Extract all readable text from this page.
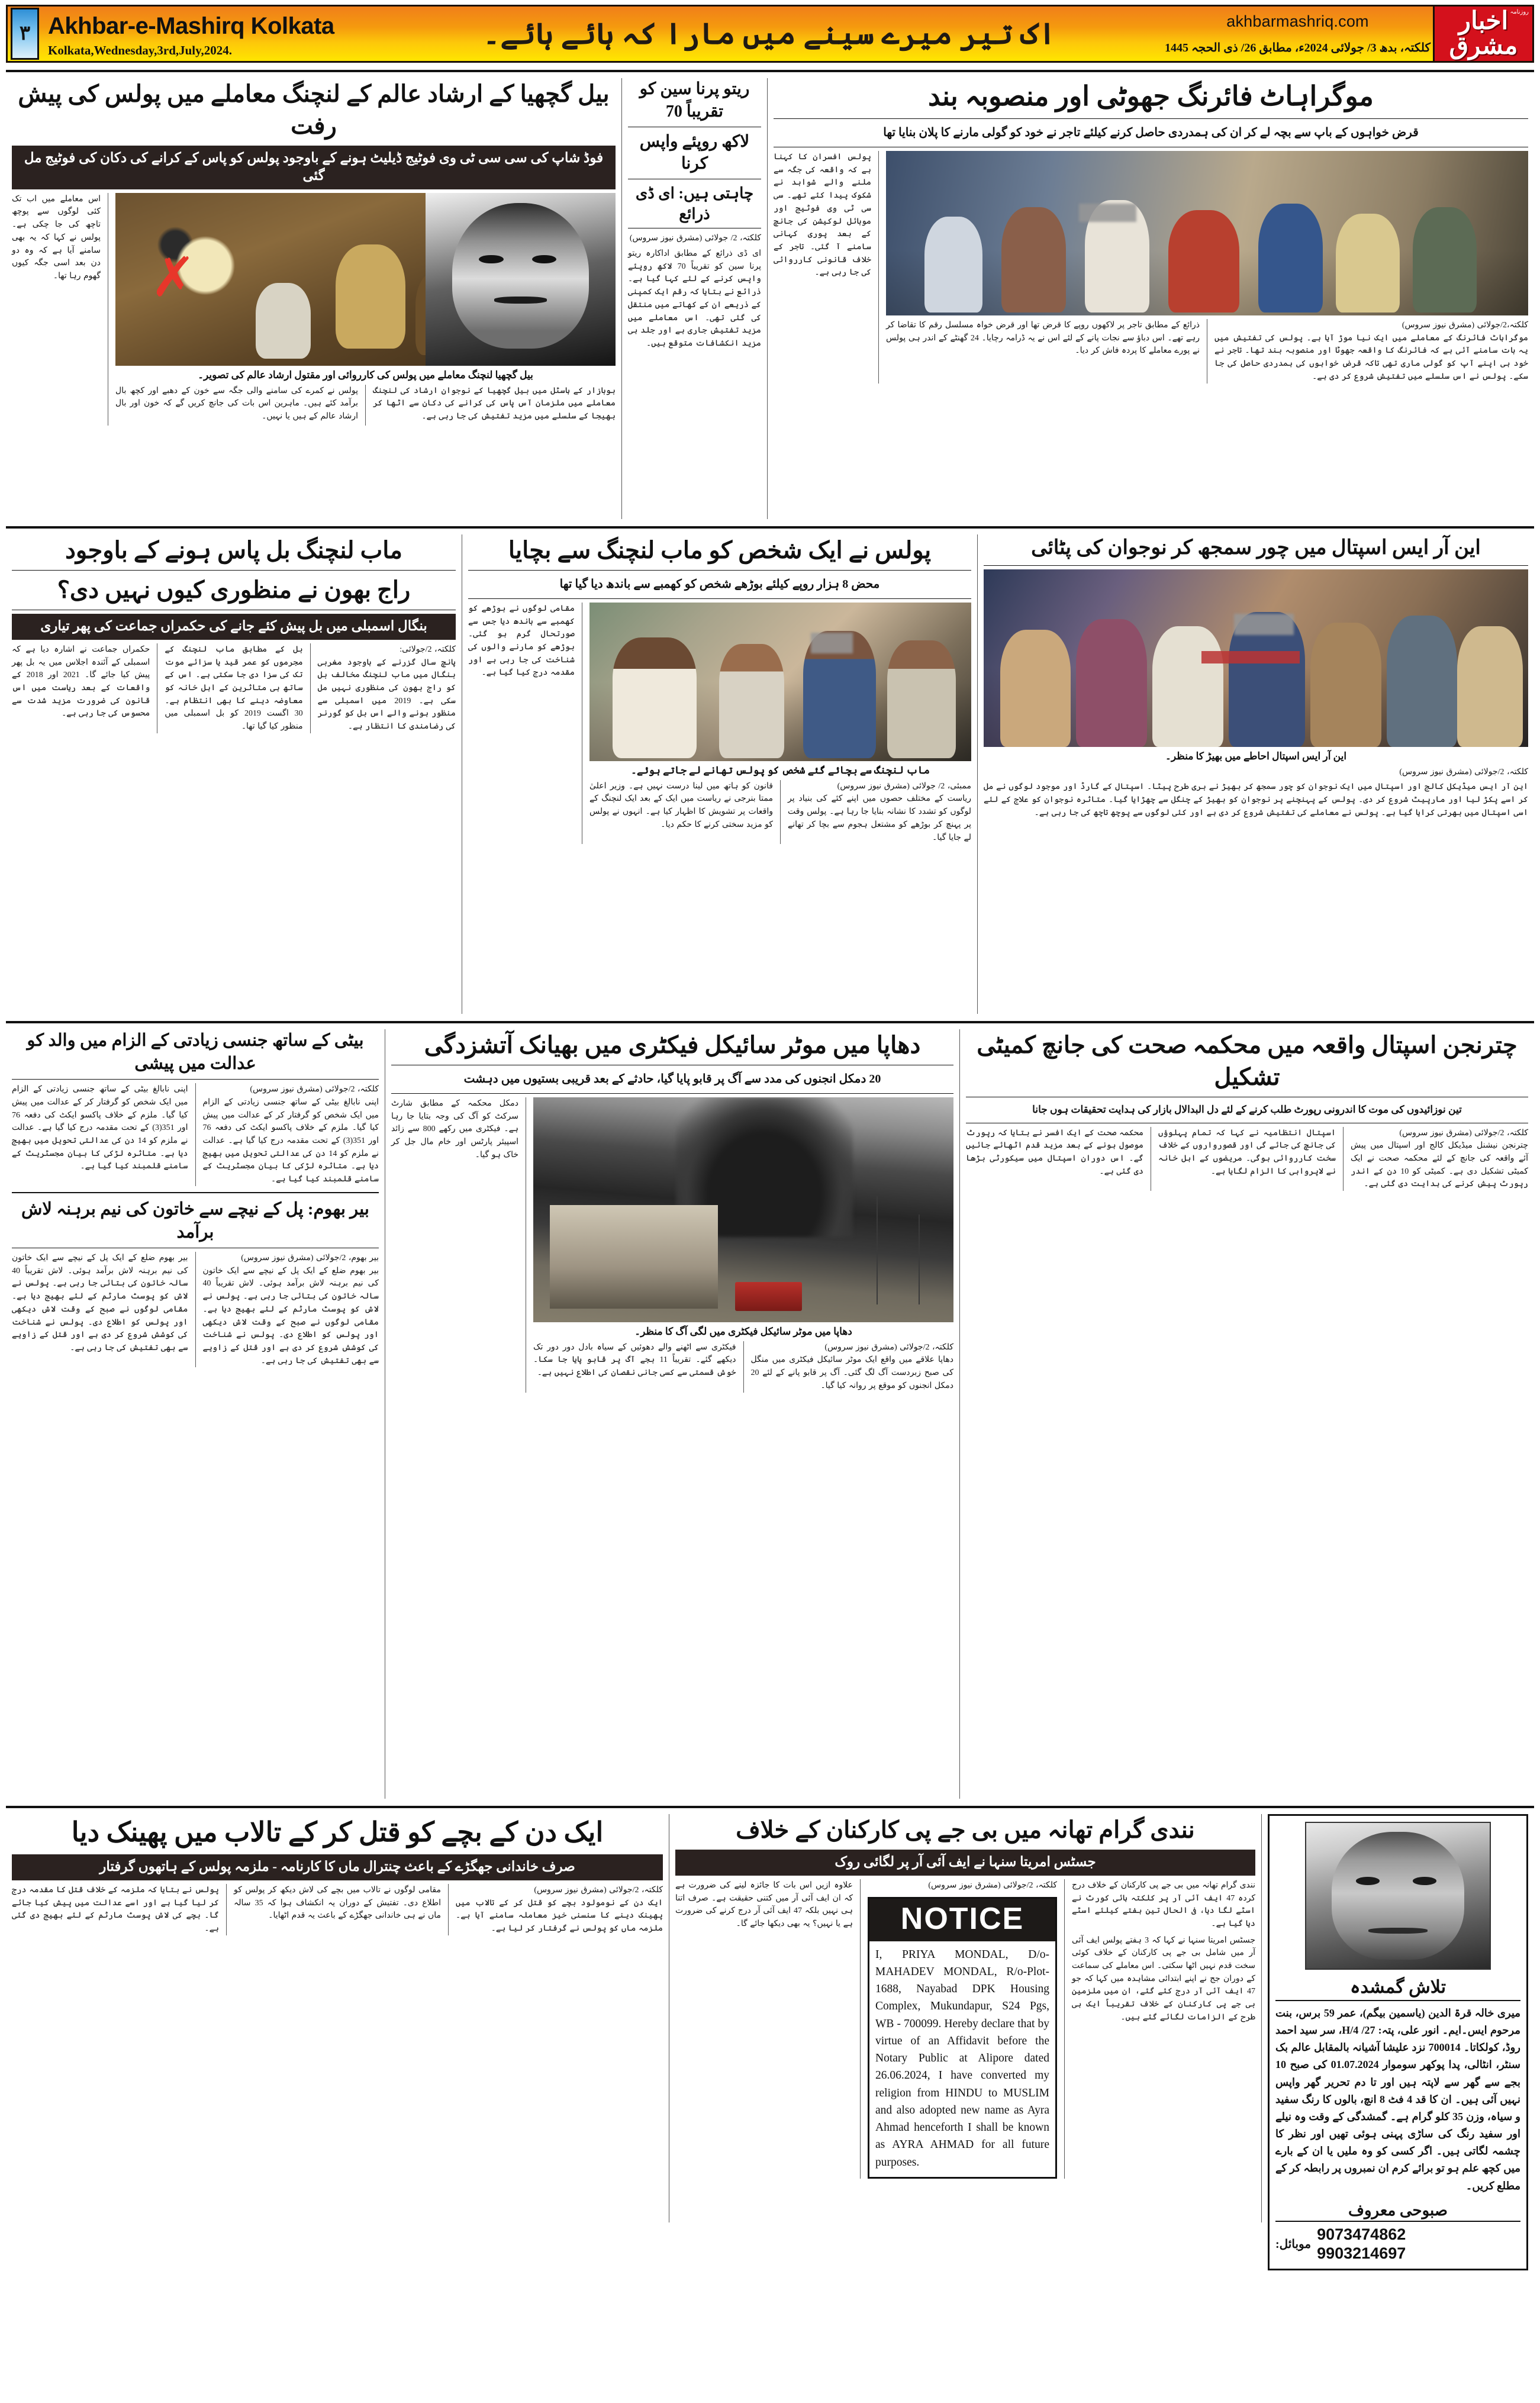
۳ Akhbar-e-Mashirq Kolkata
Kolkata,Wednesday,3rd,July,2024.	اک تیر میرے سینے میں مارا کہ ہائے ہائے۔	akhbarmashriq.com
کلکتہ، بدھ 3/ جولائی 2024ء، مطابق 26/ ذی الحجہ 1445
روزنامہ
اخبار مشرق
بیل گچھیا کے ارشاد عالم کے لنچنگ معاملے میں پولس کی پیش رفت
فوڈ شاپ کی سی سی ٹی وی فوٹیج ڈیلیٹ ہونے کے باوجود پولس کو پاس کے کرانے کی دکان کی فوٹیج مل گئی
اس معاملے میں اب تک کئی لوگوں سے پوچھ تاچھ کی جا چکی ہے۔ پولس نے کہا کہ یہ بھی سامنے آیا ہے کہ وہ دو دن بعد اسی جگہ کیوں گھوم رہا تھا۔ ✗
بیل گچھیا لنچنگ معاملے میں پولس کی کارروائی اور مقتول ارشاد عالم کی تصویر۔
پولس نے کمرے کی سامنے والی جگہ سے خون کے دھبے اور کچھ بال برآمد کئے ہیں۔ ماہرین اس بات کی جانچ کریں گے کہ خون اور بال ارشاد عالم کے ہیں یا نہیں۔
بوبازار کے ہاسٹل میں بیل گچھیا کے نوجوان ارشاد کی لنچنگ معاملے میں ملزمان آس پاس کی کرانے کی دکان سے اٹھا کر بھیجا کے سلسلے میں مزید تفتیش کی جا رہی ہے۔
ریتو پرنا سین کو تقریباً 70
لاکھ روپئے واپس کرنا
چاہتی ہیں: ای ڈی ذرائع
کلکتہ، 2/ جولائی (مشرق نیوز سروس)
ای ڈی ذرائع کے مطابق اداکارہ ریتو پرنا سین کو تقریباً 70 لاکھ روپئے واپس کرنے کے لئے کہا گیا ہے۔ ذرائع نے بتایا کہ رقم ایک کمپنی کے ذریعے ان کے کھاتے میں منتقل کی گئی تھی۔ اس معاملے میں مزید تفتیش جاری ہے اور جلد ہی مزید انکشافات متوقع ہیں۔
موگراہاٹ فائرنگ جھوٹی اور منصوبہ بند
قرض خواہوں کے باپ سے بچہ لے کر ان کی ہمدردی حاصل کرنے کیلئے تاجر نے خود کو گولی مارنے کا پلان بنایا تھا
پولس افسران کا کہنا ہے کہ واقعہ کی جگہ سے ملنے والے شواہد نے شکوک پیدا کئے تھے۔ سی سی ٹی وی فوٹیج اور موبائل لوکیشن کی جانچ کے بعد پوری کہانی سامنے آ گئی۔ تاجر کے خلاف قانونی کارروائی کی جا رہی ہے۔
ذرائع کے مطابق تاجر پر لاکھوں روپے کا قرض تھا اور قرض خواہ مسلسل رقم کا تقاضا کر رہے تھے۔ اس دباؤ سے نجات پانے کے لئے اس نے یہ ڈرامہ رچایا۔ 24 گھنٹے کے اندر ہی پولس نے پورے معاملے کا پردہ فاش کر دیا۔
کلکتہ،2/جولائی (مشرق نیوز سروس)
موگراہاٹ فائرنگ کے معاملے میں ایک نیا موڑ آیا ہے۔ پولس کی تفتیش میں یہ بات سامنے آئی ہے کہ فائرنگ کا واقعہ جھوٹا اور منصوبہ بند تھا۔ تاجر نے خود ہی اپنے آپ کو گولی ماری تھی تاکہ قرض خواہوں کی ہمدردی حاصل کی جا سکے۔ پولس نے اس سلسلے میں تفتیش شروع کر دی ہے۔
ماب لنچنگ بل پاس ہونے کے باوجود
راج بھون نے منظوری کیوں نہیں دی؟
بنگال اسمبلی میں بل پیش کئے جانے کی حکمراں جماعت کی پھر تیاری
حکمراں جماعت نے اشارہ دیا ہے کہ اسمبلی کے آئندہ اجلاس میں یہ بل پھر پیش کیا جائے گا۔ 2021 اور 2018 کے واقعات کے بعد ریاست میں اس قانون کی ضرورت مزید شدت سے محسوس کی جا رہی ہے۔
بل کے مطابق ماب لنچنگ کے مجرموں کو عمر قید یا سزائے موت تک کی سزا دی جا سکتی ہے۔ اس کے ساتھ ہی متاثرین کے اہل خانہ کو معاوضہ دینے کا بھی انتظام ہے۔ 30 اگست 2019 کو بل اسمبلی میں منظور کیا گیا تھا۔
کلکتہ، 2/جولائی:
پانچ سال گزرنے کے باوجود مغربی بنگال میں ماب لنچنگ مخالف بل کو راج بھون کی منظوری نہیں مل سکی ہے۔ 2019 میں اسمبلی سے منظور ہونے والے اس بل کو گورنر کی رضامندی کا انتظار ہے۔
پولس نے ایک شخص کو ماب لنچنگ سے بچایا
محض 8 ہزار روپے کیلئے بوڑھے شخص کو کھمبے سے باندھ دیا گیا تھا
مقامی لوگوں نے بوڑھے کو کھمبے سے باندھ دیا جس سے صورتحال گرم ہو گئی۔ بوڑھے کو مارنے والوں کی شناخت کی جا رہی ہے اور مقدمہ درج کیا گیا ہے۔
ماب لنچنگ سے بچائے گئے شخص کو پولس تھانے لے جاتے ہوئے۔
قانون کو ہاتھ میں لینا درست نہیں ہے۔ وزیر اعلیٰ ممتا بنرجی نے ریاست میں ایک کے بعد ایک لنچنگ کے واقعات پر تشویش کا اظہار کیا ہے۔ انہوں نے پولس کو مزید سختی کرنے کا حکم دیا۔
ممبئی، 2/ جولائی (مشرق نیوز سروس)
ریاست کے مختلف حصوں میں اپنے کئے کی بنیاد پر لوگوں کو تشدد کا نشانہ بنایا جا رہا ہے۔ پولس وقت پر پہنچ کر بوڑھے کو مشتعل ہجوم سے بچا کر تھانے لے جایا گیا۔
این آر ایس اسپتال میں چور سمجھ کر نوجوان کی پٹائی
این آر ایس اسپتال احاطے میں بھیڑ کا منظر۔
کلکتہ، 2/جولائی (مشرق نیوز سروس)
این آر ایس میڈیکل کالج اور اسپتال میں ایک نوجوان کو چور سمجھ کر بھیڑ نے بری طرح پیٹا۔ اسپتال کے گارڈ اور موجود لوگوں نے مل کر اسے پکڑ لیا اور مارپیٹ شروع کر دی۔ پولس کے پہنچنے پر نوجوان کو بھیڑ کے چنگل سے چھڑایا گیا۔ متاثرہ نوجوان کو علاج کے لئے اسی اسپتال میں بھرتی کرایا گیا ہے۔ پولس نے معاملے کی تفتیش شروع کر دی ہے اور کئی لوگوں سے پوچھ تاچھ کی جا رہی ہے۔
بیٹی کے ساتھ جنسی زیادتی کے الزام میں والد کو عدالت میں پیشی
اپنی نابالغ بیٹی کے ساتھ جنسی زیادتی کے الزام میں ایک شخص کو گرفتار کر کے عدالت میں پیش کیا گیا۔ ملزم کے خلاف پاکسو ایکٹ کی دفعہ 76 اور 351(3) کے تحت مقدمہ درج کیا گیا ہے۔ عدالت نے ملزم کو 14 دن کی عدالتی تحویل میں بھیج دیا ہے۔ متاثرہ لڑکی کا بیان مجسٹریٹ کے سامنے قلمبند کیا گیا ہے۔
کلکتہ، 2/جولائی (مشرق نیوز سروس)
اپنی نابالغ بیٹی کے ساتھ جنسی زیادتی کے الزام میں ایک شخص کو گرفتار کر کے عدالت میں پیش کیا گیا۔ ملزم کے خلاف پاکسو ایکٹ کی دفعہ 76 اور 351(3) کے تحت مقدمہ درج کیا گیا ہے۔ عدالت نے ملزم کو 14 دن کی عدالتی تحویل میں بھیج دیا ہے۔ متاثرہ لڑکی کا بیان مجسٹریٹ کے سامنے قلمبند کیا گیا ہے۔
بیر بھوم: پل کے نیچے سے خاتون کی نیم برہنہ لاش برآمد
بیر بھوم ضلع کے ایک پل کے نیچے سے ایک خاتون کی نیم برہنہ لاش برآمد ہوئی۔ لاش تقریباً 40 سالہ خاتون کی بتائی جا رہی ہے۔ پولس نے لاش کو پوسٹ مارٹم کے لئے بھیج دیا ہے۔ مقامی لوگوں نے صبح کے وقت لاش دیکھی اور پولس کو اطلاع دی۔ پولس نے شناخت کی کوشش شروع کر دی ہے اور قتل کے زاویے سے بھی تفتیش کی جا رہی ہے۔
بیر بھوم، 2/جولائی (مشرق نیوز سروس)
بیر بھوم ضلع کے ایک پل کے نیچے سے ایک خاتون کی نیم برہنہ لاش برآمد ہوئی۔ لاش تقریباً 40 سالہ خاتون کی بتائی جا رہی ہے۔ پولس نے لاش کو پوسٹ مارٹم کے لئے بھیج دیا ہے۔ مقامی لوگوں نے صبح کے وقت لاش دیکھی اور پولس کو اطلاع دی۔ پولس نے شناخت کی کوشش شروع کر دی ہے اور قتل کے زاویے سے بھی تفتیش کی جا رہی ہے۔
دھاپا میں موٹر سائیکل فیکٹری میں بھیانک آتشزدگی
20 دمکل انجنوں کی مدد سے آگ پر قابو پایا گیا، حادثے کے بعد قریبی بستیوں میں دہشت
دمکل محکمہ کے مطابق شارٹ سرکٹ کو آگ کی وجہ بتایا جا رہا ہے۔ فیکٹری میں رکھے 800 سے زائد اسپیئر پارٹس اور خام مال جل کر خاک ہو گیا۔
دھاپا میں موٹر سائیکل فیکٹری میں لگی آگ کا منظر۔
فیکٹری سے اٹھنے والے دھوئیں کے سیاہ بادل دور دور تک دیکھے گئے۔ تقریباً 11 بجے آگ پر قابو پایا جا سکا۔ خوش قسمتی سے کسی جانی نقصان کی اطلاع نہیں ہے۔
کلکتہ، 2/جولائی (مشرق نیوز سروس)
دھاپا علاقے میں واقع ایک موٹر سائیکل فیکٹری میں منگل کی صبح زبردست آگ لگ گئی۔ آگ پر قابو پانے کے لئے 20 دمکل انجنوں کو موقع پر روانہ کیا گیا۔
چترنجن اسپتال واقعہ میں محکمہ صحت کی جانچ کمیٹی تشکیل
تین نوزائیدوں کی موت کا اندرونی رپورٹ طلب کرنے کے لئے دل البدالال بازار کی ہدایت تحقیقات ہوں جانا
محکمہ صحت کے ایک افسر نے بتایا کہ رپورٹ موصول ہونے کے بعد مزید قدم اٹھائے جائیں گے۔ اس دوران اسپتال میں سیکورٹی بڑھا دی گئی ہے۔
اسپتال انتظامیہ نے کہا کہ تمام پہلوؤں کی جانچ کی جائے گی اور قصورواروں کے خلاف سخت کارروائی ہوگی۔ مریضوں کے اہل خانہ نے لاپرواہی کا الزام لگایا ہے۔
کلکتہ، 2/جولائی (مشرق نیوز سروس)
چترنجن نیشنل میڈیکل کالج اور اسپتال میں پیش آئے واقعہ کی جانچ کے لئے محکمہ صحت نے ایک کمیٹی تشکیل دی ہے۔ کمیٹی کو 10 دن کے اندر رپورٹ پیش کرنے کی ہدایت دی گئی ہے۔
ایک دن کے بچے کو قتل کر کے تالاب میں پھینک دیا
صرف خاندانی جھگڑے کے باعث چنترال ماں کا کارنامہ - ملزمہ پولس کے ہاتھوں گرفتار
پولس نے بتایا کہ ملزمہ کے خلاف قتل کا مقدمہ درج کر لیا گیا ہے اور اسے عدالت میں پیش کیا جائے گا۔ بچے کی لاش پوسٹ مارٹم کے لئے بھیج دی گئی ہے۔
مقامی لوگوں نے تالاب میں بچے کی لاش دیکھ کر پولس کو اطلاع دی۔ تفتیش کے دوران یہ انکشاف ہوا کہ 35 سالہ ماں نے ہی خاندانی جھگڑے کے باعث یہ قدم اٹھایا۔
کلکتہ، 2/جولائی (مشرق نیوز سروس)
ایک دن کے نومولود بچے کو قتل کر کے تالاب میں پھینک دینے کا سنسنی خیز معاملہ سامنے آیا ہے۔ ملزمہ ماں کو پولس نے گرفتار کر لیا ہے۔
نندی گرام تھانہ میں بی جے پی کارکنان کے خلاف
جسٹس امریتا سنہا نے ایف آئی آر پر لگائی روک
علاوہ ازیں اس بات کا جائزہ لینے کی ضرورت ہے کہ ان ایف آئی آر میں کتنی حقیقت ہے۔ صرف اتنا ہی نہیں بلکہ 47 ایف آئی آر درج کرنے کی ضرورت ہے یا نہیں؟ یہ بھی دیکھا جائے گا۔
کلکتہ، 2/جولائی (مشرق نیوز سروس)
NOTICE
I, PRIYA MONDAL, D/o-MAHADEV MONDAL, R/o-Plot-1688, Nayabad DPK Housing Complex, Mukundapur, S24 Pgs, WB - 700099. Hereby declare that by virtue of an Affidavit before the Notary Public at Alipore dated 26.06.2024, I have converted my religion from HINDU to MUSLIM and also adopted new name as Ayra Ahmad henceforth I shall be known as AYRA AHMAD for all future purposes.
نندی گرام تھانہ میں بی جے پی کارکنان کے خلاف درج کردہ 47 ایف آئی آر پر کلکتہ ہائی کورٹ نے اسٹے لگا دیا، فی الحال تین ہفتے کیلئے اسٹے دیا گیا ہے۔
جسٹس امریتا سنہا نے کہا کہ 3 ہفتے پولس ایف آئی آر میں شامل بی جے پی کارکنان کے خلاف کوئی سخت قدم نہیں اٹھا سکتی۔ اس معاملے کی سماعت کے دوران جج نے اپنے ابتدائی مشاہدہ میں کہا کہ جو 47 ایف آئی آر درج کئے گئے، ان میں ملزمین بی جے پی کارکنان کے خلاف تقریباً ایک ہی طرح کے الزامات لگائے گئے ہیں۔
تلاش گمشدہ
میری خالہ قرۃ الدین (یاسمین بیگم)، عمر 59 برس، بنت مرحوم ایس۔ایم۔ انور علی، پتہ: 27/ H/4، سر سید احمد روڈ، کولکاتا۔ 700014 نزد علیشا آشیانہ بالمقابل عالم بک سنٹر، انٹالی، پدا پوکھر سوموار 01.07.2024 کی صبح 10 بجے سے گھر سے لاپتہ ہیں اور تا دم تحریر گھر واپس نہیں آئی ہیں۔ ان کا قد 4 فٹ 8 انچ، بالوں کا رنگ سفید و سیاہ، وزن 35 کلو گرام ہے۔ گمشدگی کے وقت وہ نیلے اور سفید رنگ کی ساڑی پہنی ہوئی تھیں اور نظر کا چشمہ لگاتی ہیں۔ اگر کسی کو وہ ملیں یا ان کے بارے میں کچھ علم ہو تو برائے کرم ان نمبروں پر رابطہ کر کے مطلع کریں۔
صبوحی معروف
9073474862
9903214697
موبائل:
